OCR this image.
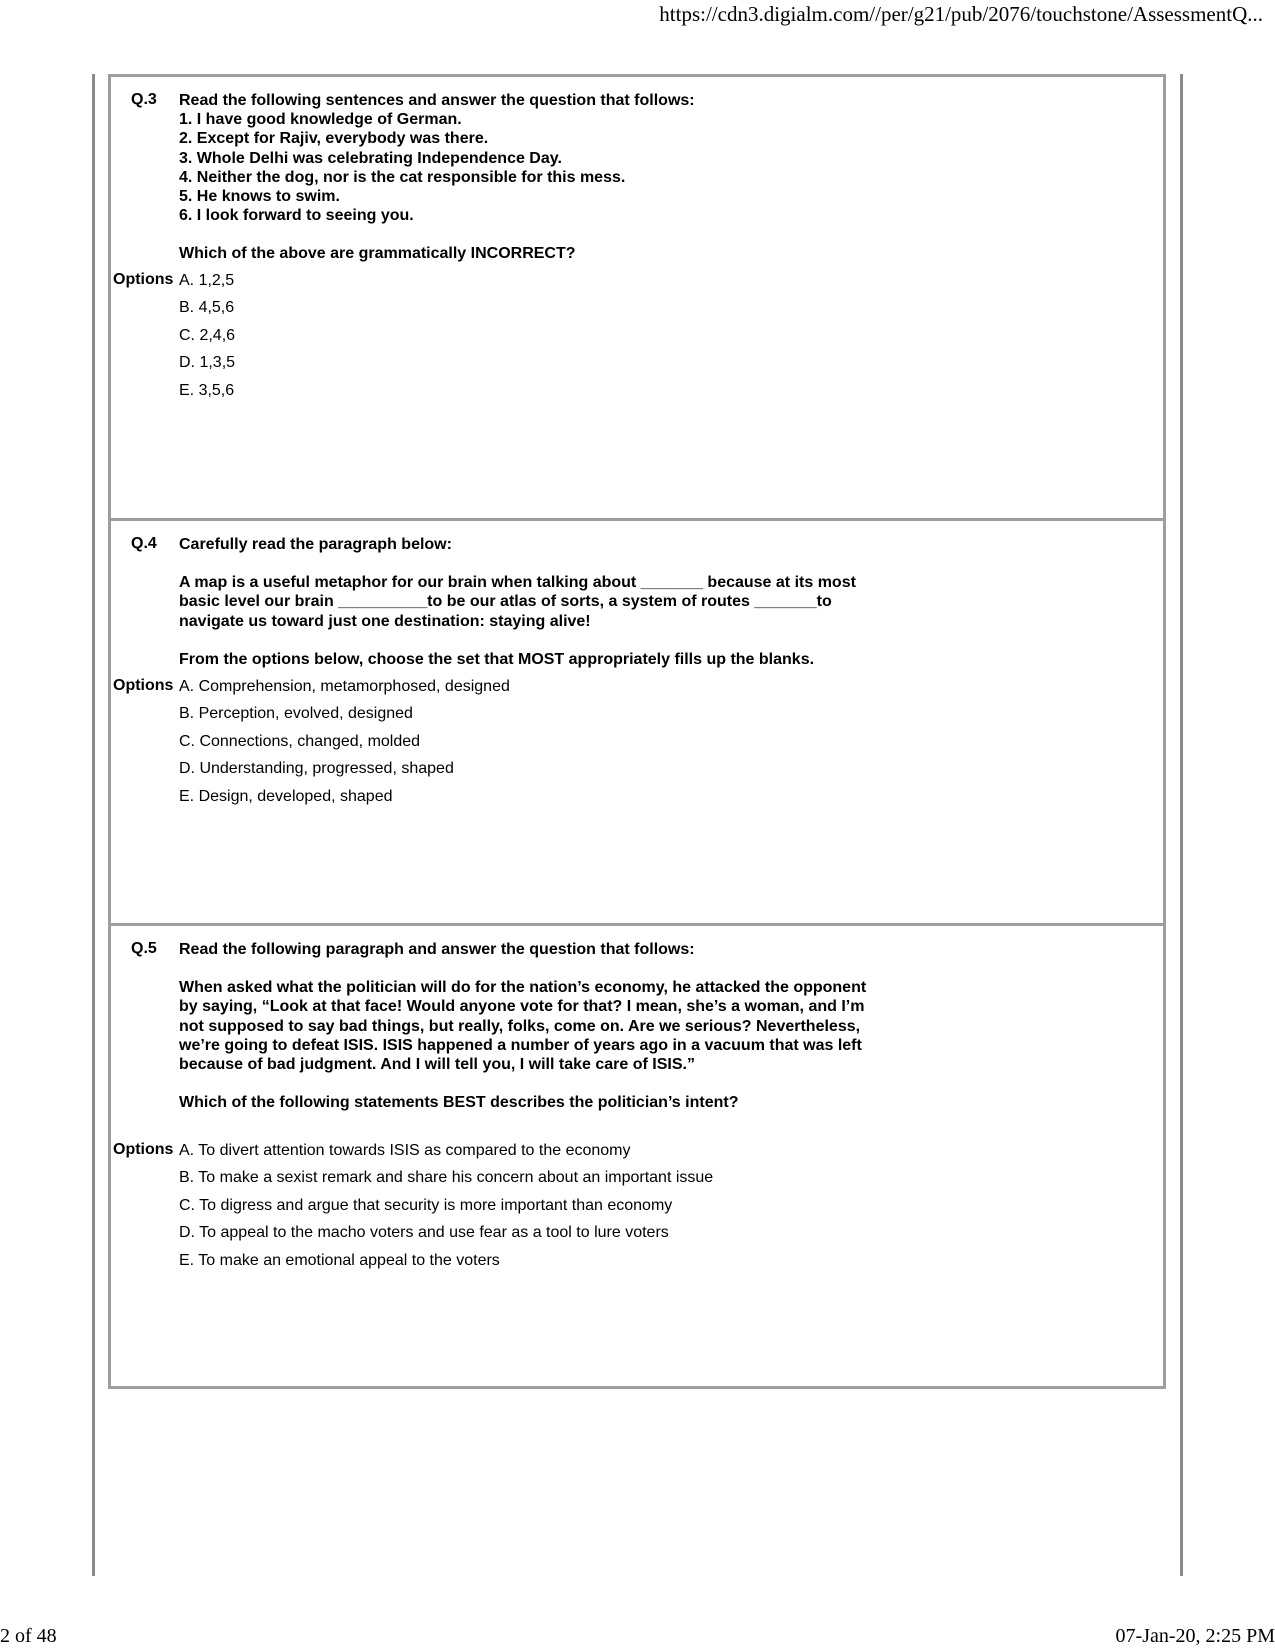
https://cdn3.digialm.com//per/g21/pub/2076/touchstone/AssessmentQ...
Q.3 Read the following sentences and answer the question that follows:

1. I have good knowledge of German.

2. Except for Rajiv, everybody was there.

3. Whole Delhi was celebrating Independence Day.

4. Neither the dog, nor is the cat responsible for this mess.

5. He knows to swim.

6. I look forward to seeing you.

Which of the above are grammatically INCORRECT?

Options A. 1,2,5
B. 4,5,6
C. 2,4,6
D. 1,3,5
E. 3,5,6
Q.4 Carefully read the paragraph below:

A map is a useful metaphor for our brain when talking about _______ because at its most basic level our brain __________to be our atlas of sorts, a system of routes _______to navigate us toward just one destination: staying alive!

From the options below, choose the set that MOST appropriately fills up the blanks.

Options A. Comprehension, metamorphosed, designed
B. Perception, evolved, designed
C. Connections, changed, molded
D. Understanding, progressed, shaped
E. Design, developed, shaped
Q.5 Read the following paragraph and answer the question that follows:

When asked what the politician will do for the nation’s economy, he attacked the opponent by saying, “Look at that face! Would anyone vote for that? I mean, she’s a woman, and I’m not supposed to say bad things, but really, folks, come on. Are we serious? Nevertheless, we’re going to defeat ISIS. ISIS happened a number of years ago in a vacuum that was left because of bad judgment. And I will tell you, I will take care of ISIS.”

Which of the following statements BEST describes the politician’s intent?

Options A. To divert attention towards ISIS as compared to the economy
B. To make a sexist remark and share his concern about an important issue
C. To digress and argue that security is more important than economy
D. To appeal to the macho voters and use fear as a tool to lure voters
E. To make an emotional appeal to the voters
2 of 48	07-Jan-20, 2:25 PM
